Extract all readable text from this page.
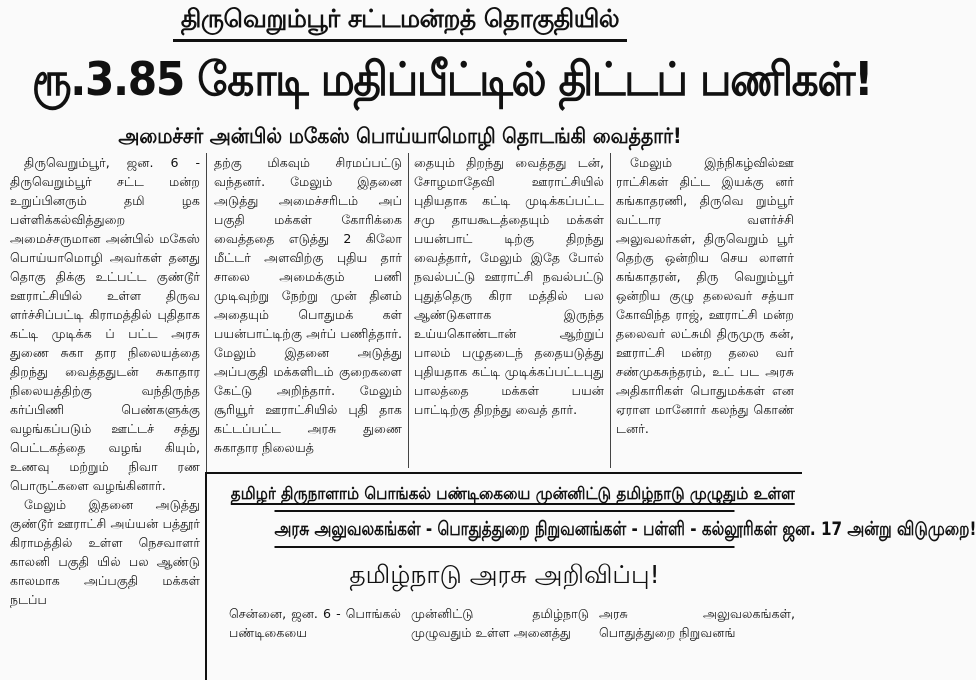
திருவெறும்பூர் சட்டமன்றத் தொகுதியில்
ரூ.3.85 கோடி மதிப்பீட்டில் திட்டப் பணிகள்!
அமைச்சர் அன்பில் மகேஸ் பொய்யாமொழி தொடங்கி வைத்தார்!

திருவெறும்பூர், ஜன. 6 - திருவெறும்பூர் சட்ட மன்ற உறுப்பினரும் தமி ழக பள்ளிக்கல்வித்துறை அமைச்சருமான அன்பில் மகேஸ் பொய்யாமொழி அவர்கள் தனது தொகு திக்கு உட்பட்ட குண்டூர் ஊராட்சியில் உள்ள திருவ ளர்ச்சிப்பட்டி கிராமத்தில் புதிதாக கட்டி முடிக்க ப் பட்ட அரசு துணை சுகா தார நிலையத்தை திறந்து வைத்ததுடன் சுகாதார நிலையத்திற்கு வந்திருந்த கர்ப்பிணி பெண்களுக்கு வழங்கப்படும் ஊட்டச் சத்து பெட்டகத்தை வழங் கியும், உணவு மற்றும் நிவா ரண பொருட்களை வழங்கினார்.

மேலும் இதனை அடுத்து குண்டூர் ஊராட்சி அய்யன் பத்தூர் கிராமத்தில் உள்ள நெசவாளர் காலனி பகுதி யில் பல ஆண்டு காலமாக அப்பகுதி மக்கள் நடப்ப

தற்கு மிகவும் சிரமப்பட்டு வந்தனர். மேலும் இதனை அடுத்து அமைச்சரிடம் அப் பகுதி மக்கள் கோரிக்கை வைத்ததை எடுத்து 2 கிலோ மீட்டர் அளவிற்கு புதிய தார் சாலை அமைக்கும் பணி முடிவுற்று நேற்று முன் தினம் அதையும் பொதுமக் கள் பயன்பாட்டிற்கு அர்ப் பணித்தார். மேலும் இதனை அடுத்து அப்பகுதி மக்களிடம் குறைகளை கேட்டு அறிந்தார். மேலும் சூரியூர் ஊராட்சியில் புதி தாக கட்டப்பட்ட அரசு துணை சுகாதார நிலையத்

தையும் திறந்து வைத்தது டன், சோழமாதேவி ஊராட்சியில் புதியதாக கட்டி முடிக்கப்பட்ட சமு தாயகூடத்தையும் மக்கள் பயன்பாட் டிற்கு திறந்து வைத்தார், மேலும் இதே போல் நவல்பட்டு ஊராட்சி நவல்பட்டு புதுத்தெரு கிரா மத்தில் பல ஆண்டுகளாக இருந்த உய்யகொண்டான் ஆற்றுப் பாலம் பழுதடைந் ததையடுத்து புதியதாக கட்டி முடிக்கப்பட்டபுது பாலத்தை மக்கள் பயன் பாட்டிற்கு திறந்து வைத் தார்.

மேலும் இந்நிகழ்வில்ஊ ராட்சிகள் திட்ட இயக்கு னர் கங்காதரணி, திருவெ றும்பூர் வட்டார வளர்ச்சி அலுவலர்கள், திருவெறும் பூர் தெற்கு ஒன்றிய செய லாளர் கங்காதரன், திரு வெறும்பூர் ஒன்றிய குழு தலைவர் சத்யா கோவிந்த ராஜ், ஊராட்சி மன்ற தலைவர் லட்சுமி திருமுரு கன், ஊராட்சி மன்ற தலை வர் சண்முகசுந்தரம், உட் பட அரசு அதிகாரிகள் பொதுமக்கள் என ஏராள மானோர் கலந்து கொண் டனர்.

தமிழர் திருநாளாம் பொங்கல் பண்டிகையை முன்னிட்டு தமிழ்நாடு முழுதும் உள்ள
அரசு அலுவலகங்கள் - பொதுத்துறை நிறுவனங்கள் - பள்ளி - கல்லூரிகள் ஜன. 17 அன்று விடுமுறை!
தமிழ்நாடு அரசு அறிவிப்பு!

சென்னை, ஜன. 6 - பொங்கல் பண்டிகையை

முன்னிட்டு தமிழ்நாடு முழுவதும் உள்ள அனைத்து

அரசு அலுவலகங்கள், பொதுத்துறை நிறுவனங்
